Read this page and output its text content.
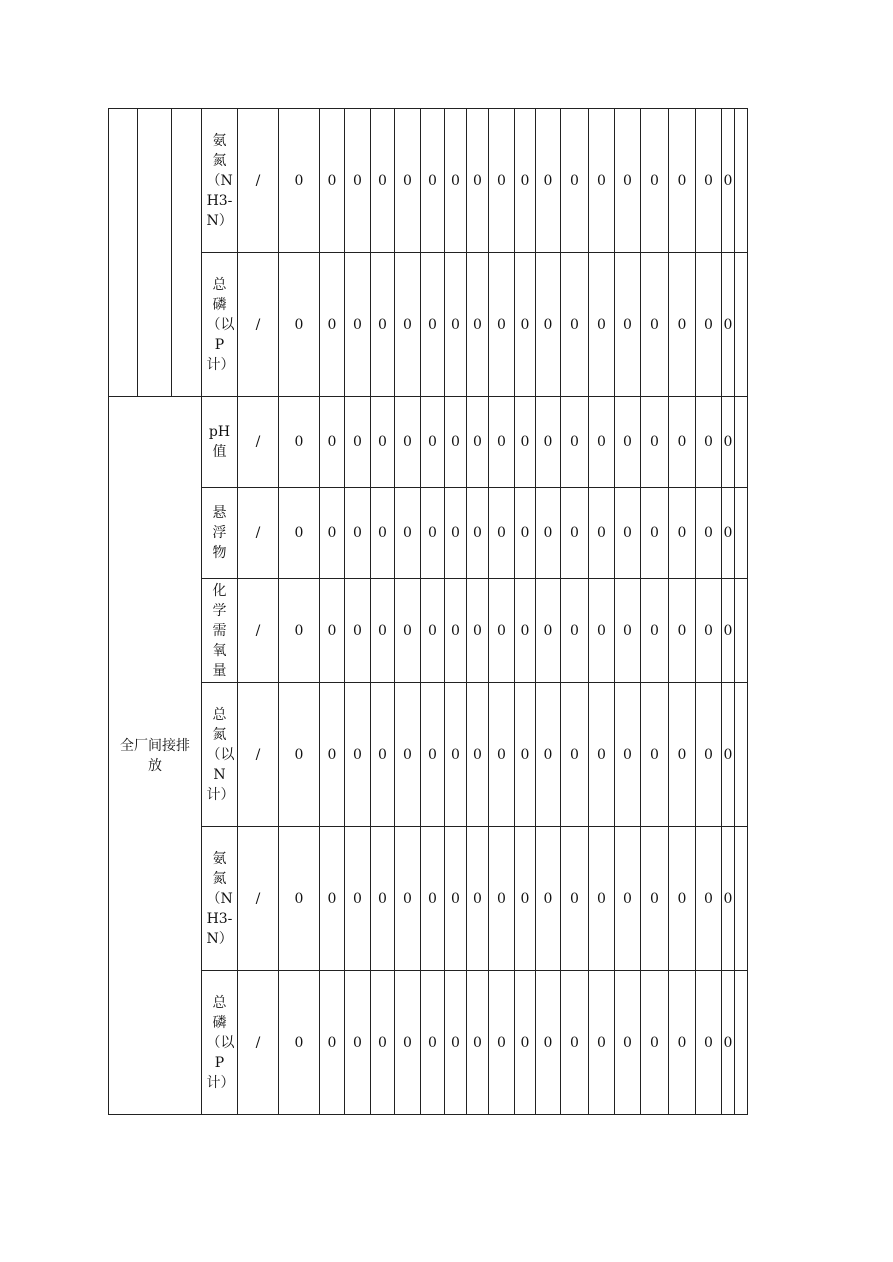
			氨氮（NH3-N）	/	0	0	0	0	0	0	0	0	0	0	0	0	0	0	0	0	0	0	
			总磷（以P计）	/	0	0	0	0	0	0	0	0	0	0	0	0	0	0	0	0	0	0	
全厂间接排放			pH值	/	0	0	0	0	0	0	0	0	0	0	0	0	0	0	0	0	0	0	
			悬浮物	/	0	0	0	0	0	0	0	0	0	0	0	0	0	0	0	0	0	0	
			化学需氧量	/	0	0	0	0	0	0	0	0	0	0	0	0	0	0	0	0	0	0	
			总氮（以N计）	/	0	0	0	0	0	0	0	0	0	0	0	0	0	0	0	0	0	0	
			氨氮（NH3-N）	/	0	0	0	0	0	0	0	0	0	0	0	0	0	0	0	0	0	0	
			总磷（以P计）	/	0	0	0	0	0	0	0	0	0	0	0	0	0	0	0	0	0	0	
